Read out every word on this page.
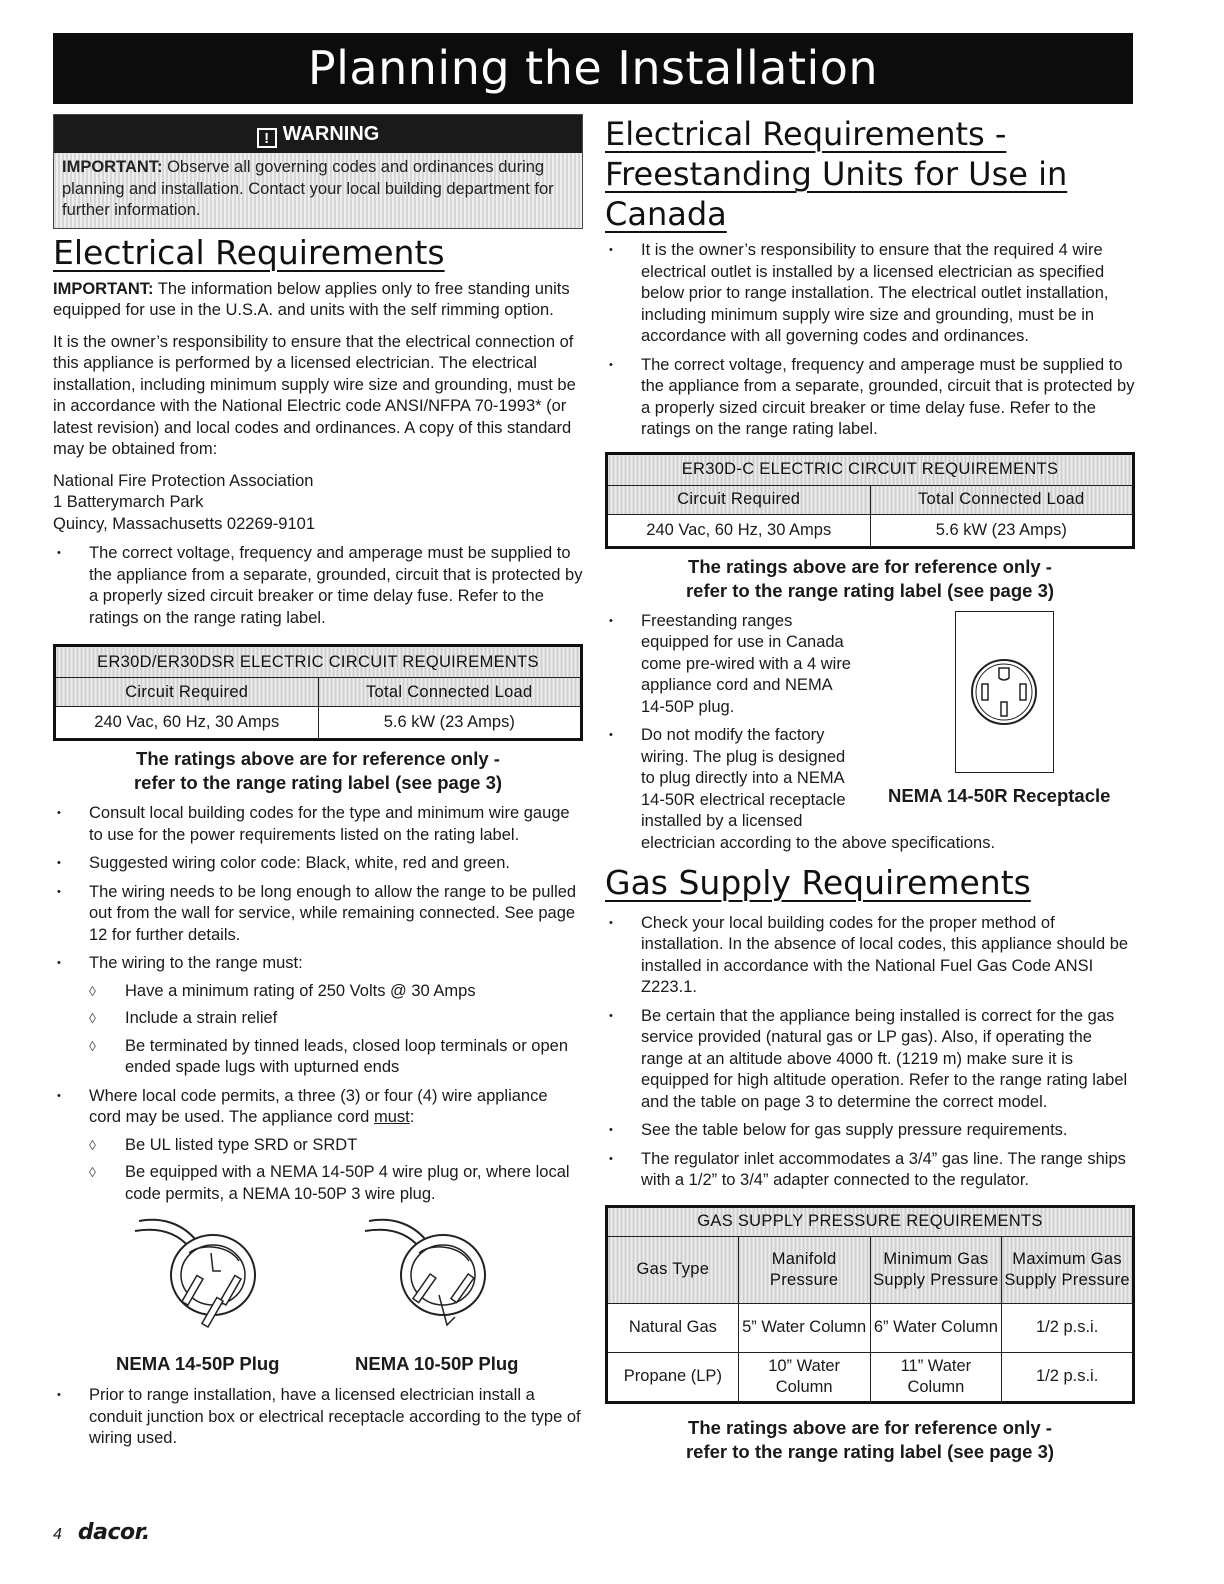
Planning the Installation
! WARNING
IMPORTANT: Observe all governing codes and ordinances during planning and installation. Contact your local building department for further information.
Electrical Requirements

IMPORTANT: The information below applies only to free standing units equipped for use in the U.S.A. and units with the self rimming option.

It is the owner’s responsibility to ensure that the electrical connection of this appliance is performed by a licensed electrician. The electrical installation, including minimum supply wire size and grounding, must be in accordance with the National Electric code ANSI/NFPA 70-1993* (or latest revision) and local codes and ordinances. A copy of this standard may be obtained from:

National Fire Protection Association
1 Batterymarch Park
Quincy, Massachusetts 02269-9101
• The correct voltage, frequency and amperage must be supplied to the appliance from a separate, grounded, circuit that is protected by a properly sized circuit breaker or time delay fuse. Refer to the ratings on the range rating label.
ER30D/ER30DSR ELECTRIC CIRCUIT REQUIREMENTS	
Circuit Required	Total Connected Load
240 Vac, 60 Hz, 30 Amps	5.6 kW (23 Amps)
The ratings above are for reference only -
refer to the range rating label (see page 3)
• Consult local building codes for the type and minimum wire gauge to use for the power requirements listed on the rating label.
• Suggested wiring color code: Black, white, red and green.
• The wiring needs to be long enough to allow the range to be pulled out from the wall for service, while remaining connected. See page 12 for further details.
• The wiring to the range must:
◊ Have a minimum rating of 250 Volts @ 30 Amps
◊ Include a strain relief
◊ Be terminated by tinned leads, closed loop terminals or open ended spade lugs with upturned ends
• Where local code permits, a three (3) or four (4) wire appliance cord may be used. The appliance cord must:
◊ Be UL listed type SRD or SRDT
◊ Be equipped with a NEMA 14-50P 4 wire plug or, where local code permits, a NEMA 10-50P 3 wire plug.
NEMA 14-50P Plug	NEMA 10-50P Plug
• Prior to range installation, have a licensed electrician install a conduit junction box or electrical receptacle according to the type of wiring used.
Electrical Requirements -
Freestanding Units for Use in Canada
• It is the owner’s responsibility to ensure that the required 4 wire electrical outlet is installed by a licensed electrician as specified below prior to range installation. The electrical outlet installation, including minimum supply wire size and grounding, must be in accordance with all governing codes and ordinances.
• The correct voltage, frequency and amperage must be supplied to the appliance from a separate, grounded, circuit that is protected by a properly sized circuit breaker or time delay fuse. Refer to the ratings on the range rating label.
ER30D-C ELECTRIC CIRCUIT REQUIREMENTS	
Circuit Required	Total Connected Load
240 Vac, 60 Hz, 30 Amps	5.6 kW (23 Amps)
The ratings above are for reference only -
refer to the range rating label (see page 3)
• Freestanding ranges
equipped for use in Canada
come pre-wired with a 4 wire
appliance cord and NEMA
14-50P plug.
• Do not modify the factory
wiring. The plug is designed
to plug directly into a NEMA
14-50R electrical receptacle
installed by a licensed
electrician according to the above specifications.
NEMA 14-50R Receptacle
Gas Supply Requirements
• Check your local building codes for the proper method of installation. In the absence of local codes, this appliance should be installed in accordance with the National Fuel Gas Code ANSI Z223.1.
• Be certain that the appliance being installed is correct for the gas service provided (natural gas or LP gas). Also, if operating the range at an altitude above 4000 ft. (1219 m) make sure it is equipped for high altitude operation. Refer to the range rating label and the table on page 3 to determine the correct model.
• See the table below for gas supply pressure requirements.
• The regulator inlet accommodates a 3/4” gas line. The range ships with a 1/2” to 3/4” adapter connected to the regulator.
GAS SUPPLY PRESSURE REQUIREMENTS			
Gas Type	Manifold Pressure	Minimum Gas Supply Pressure	Maximum Gas Supply Pressure
Natural Gas	5” Water Column	6” Water Column	1/2 p.s.i.
Propane (LP)	10” Water Column	11” Water Column	1/2 p.s.i.
The ratings above are for reference only -
refer to the range rating label (see page 3)
4 dacor.
